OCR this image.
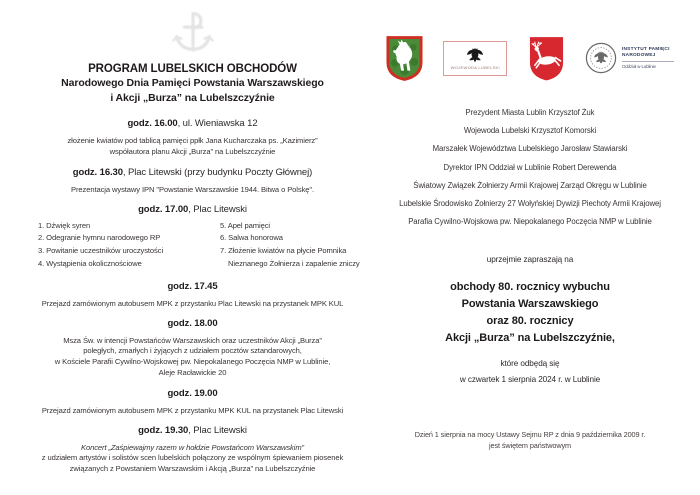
PROGRAM LUBELSKICH OBCHODÓW
Narodowego Dnia Pamięci Powstania Warszawskiego
i Akcji „Burza” na Lubelszczyźnie
godz. 16.00, ul. Wieniawska 12

złożenie kwiatów pod tablicą pamięci ppłk Jana Kucharczaka ps. „Kazimierz”
współautora planu Akcji „Burza” na Lubelszczyźnie

godz. 16.30, Plac Litewski (przy budynku Poczty Głównej)

Prezentacja wystawy IPN "Powstanie Warszawskie 1944. Bitwa o Polskę".

godz. 17.00, Plac Litewski
1. Dźwięk syren
2. Odegranie hymnu narodowego RP
3. Powitanie uczestników uroczystości
4. Wystąpienia okolicznościowe
5. Apel pamięci
6. Salwa honorowa
7. Złożenie kwiatów na płycie Pomnika
Nieznanego Żołnierza i zapalenie zniczy
godz. 17.45

Przejazd zamówionym autobusem MPK z przystanku Plac Litewski na przystanek MPK KUL

godz. 18.00

Msza Św. w intencji Powstańców Warszawskich oraz uczestników Akcji „Burza”
poległych, zmarłych i żyjących z udziałem pocztów sztandarowych,
w Kościele Parafii Cywilno-Wojskowej pw. Niepokalanego Poczęcia NMP w Lublinie,
Aleje Racławickie 20

godz. 19.00

Przejazd zamówionym autobusem MPK z przystanku MPK KUL na przystanek Plac Litewski

godz. 19.30, Plac Litewski

Koncert „Zaśpiewajmy razem w hołdzie Powstańcom Warszawskim”
z udziałem artystów i solistów scen lubelskich połączony ze wspólnym śpiewaniem piosenek
związanych z Powstaniem Warszawskim i Akcją „Burza” na Lubelszczyźnie

WOJEWODA LUBELSKI
INSTYTUT PAMIĘCI
NARODOWEJ
Oddział w Lublinie
Prezydent Miasta Lublin Krzysztof Żuk
Wojewoda Lubelski Krzysztof Komorski
Marszałek Województwa Lubelskiego Jarosław Stawiarski
Dyrektor IPN Oddział w Lublinie Robert Derewenda
Światowy Związek Żołnierzy Armii Krajowej Zarząd Okręgu w Lublinie
Lubelskie Środowisko Żołnierzy 27 Wołyńskiej Dywizji Piechoty Armii Krajowej
Parafia Cywilno-Wojskowa pw. Niepokalanego Poczęcia NMP w Lublinie
uprzejmie zapraszają na
obchody 80. rocznicy wybuchu
Powstania Warszawskiego
oraz 80. rocznicy
Akcji „Burza” na Lubelszczyźnie,
które odbędą się
w czwartek 1 sierpnia 2024 r. w Lublinie
Dzień 1 sierpnia na mocy Ustawy Sejmu RP z dnia 9 października 2009 r.
jest świętem państwowym
